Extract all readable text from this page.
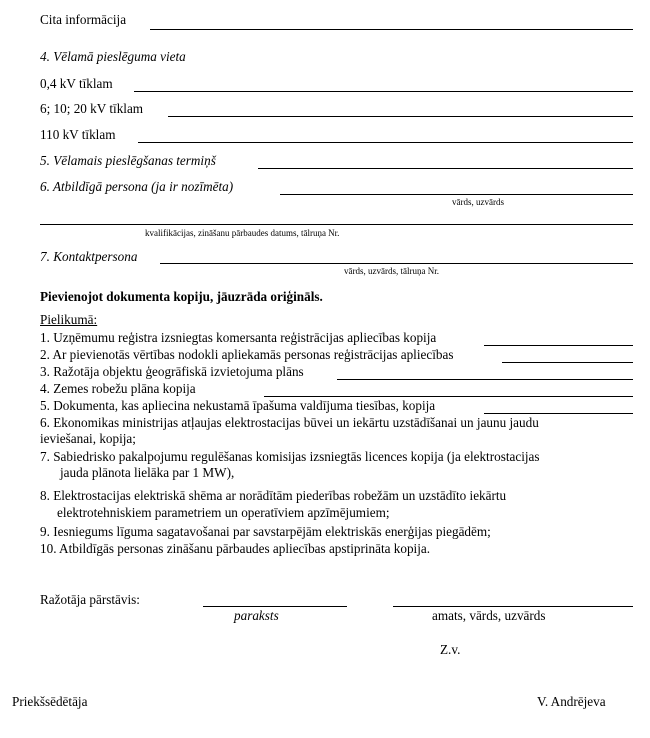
Cita informācija
4. Vēlamā pieslēguma vieta
0,4 kV tīklam
6; 10; 20 kV tīklam
110 kV tīklam
5. Vēlamais pieslēgšanas termiņš
6. Atbildīgā persona (ja ir nozīmēta)
vārds, uzvārds
kvalifikācijas, zināšanu pārbaudes datums, tālruņa Nr.
7. Kontaktpersona
vārds, uzvārds, tālruņa Nr.
Pievienojot dokumenta kopiju, jāuzrāda oriģināls.
Pielikumā:
1. Uzņēmumu reģistra izsniegtas komersanta reģistrācijas apliecības kopija
2. Ar pievienotās vērtības nodokli apliekamās personas reģistrācijas apliecības
3. Ražotāja objektu ģeogrāfiskā izvietojuma plāns
4. Zemes robežu plāna kopija
5. Dokumenta, kas apliecina nekustamā īpašuma valdījuma tiesības, kopija
6. Ekonomikas ministrijas atļaujas elektrostacijas būvei un iekārtu uzstādīšanai un jaunu jaudu
ieviešanai, kopija;
7. Sabiedrisko pakalpojumu regulēšanas komisijas izsniegtās licences kopija (ja elektrostacijas
jauda plānota lielāka par 1 MW),
8. Elektrostacijas elektriskā shēma ar norādītām piederības robežām un uzstādīto iekārtu
elektrotehniskiem parametriem un operatīviem apzīmējumiem;
9. Iesniegums līguma sagatavošanai par savstarpējām elektriskās enerģijas piegādēm;
10. Atbildīgās personas zināšanu pārbaudes apliecības apstiprināta kopija.
Ražotāja pārstāvis:
paraksts	amats, vārds, uzvārds
Z.v.
Priekšsēdētāja	V. Andrējeva
